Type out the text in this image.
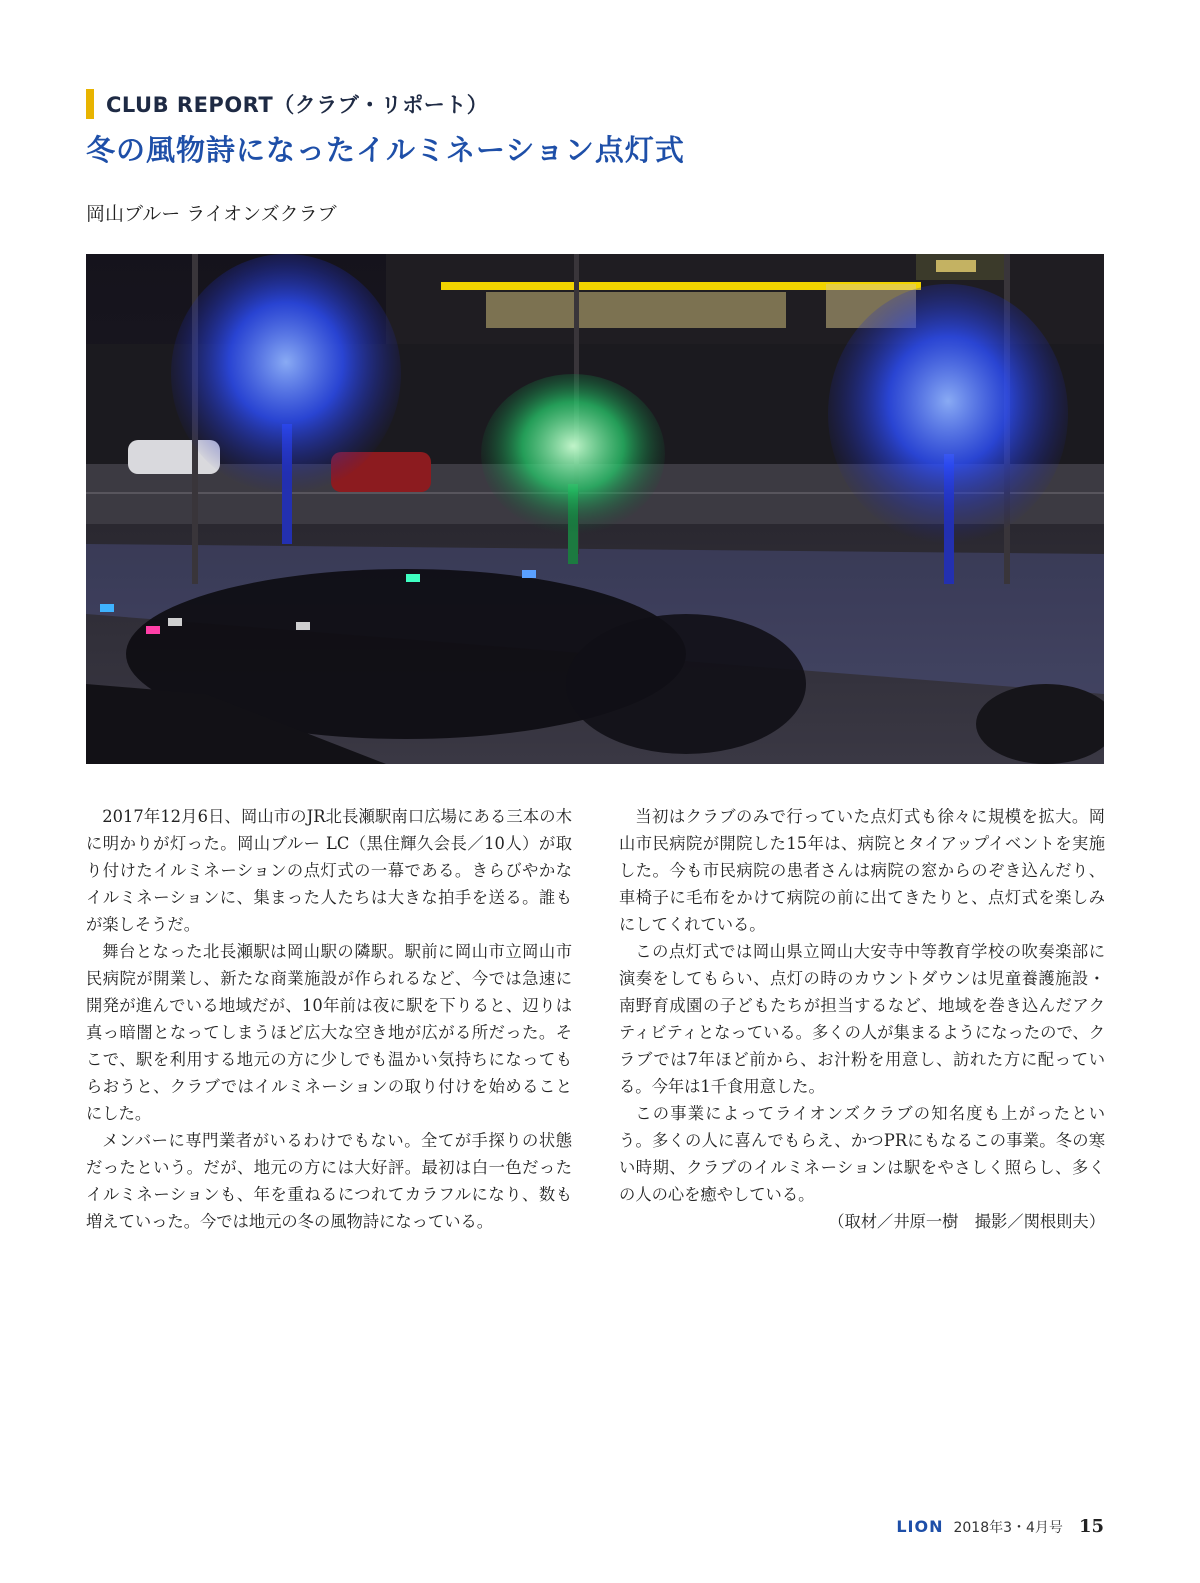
CLUB REPORT（クラブ・リポート）
冬の風物詩になったイルミネーション点灯式
岡山ブルー ライオンズクラブ

2017年12月6日、岡山市のJR北長瀬駅南口広場にある三本の木に明かりが灯った。岡山ブルー LC（黒住輝久会長／10人）が取り付けたイルミネーションの点灯式の一幕である。きらびやかなイルミネーションに、集まった人たちは大きな拍手を送る。誰もが楽しそうだ。

舞台となった北長瀬駅は岡山駅の隣駅。駅前に岡山市立岡山市民病院が開業し、新たな商業施設が作られるなど、今では急速に開発が進んでいる地域だが、10年前は夜に駅を下りると、辺りは真っ暗闇となってしまうほど広大な空き地が広がる所だった。そこで、駅を利用する地元の方に少しでも温かい気持ちになってもらおうと、クラブではイルミネーションの取り付けを始めることにした。

メンバーに専門業者がいるわけでもない。全てが手探りの状態だったという。だが、地元の方には大好評。最初は白一色だったイルミネーションも、年を重ねるにつれてカラフルになり、数も増えていった。今では地元の冬の風物詩になっている。

当初はクラブのみで行っていた点灯式も徐々に規模を拡大。岡山市民病院が開院した15年は、病院とタイアップイベントを実施した。今も市民病院の患者さんは病院の窓からのぞき込んだり、車椅子に毛布をかけて病院の前に出てきたりと、点灯式を楽しみにしてくれている。

この点灯式では岡山県立岡山大安寺中等教育学校の吹奏楽部に演奏をしてもらい、点灯の時のカウントダウンは児童養護施設・南野育成園の子どもたちが担当するなど、地域を巻き込んだアクティビティとなっている。多くの人が集まるようになったので、クラブでは7年ほど前から、お汁粉を用意し、訪れた方に配っている。今年は1千食用意した。

この事業によってライオンズクラブの知名度も上がったという。多くの人に喜んでもらえ、かつPRにもなるこの事業。冬の寒い時期、クラブのイルミネーションは駅をやさしく照らし、多くの人の心を癒やしている。

（取材／井原一樹　撮影／関根則夫）

LION 2018年3・4月号 15
